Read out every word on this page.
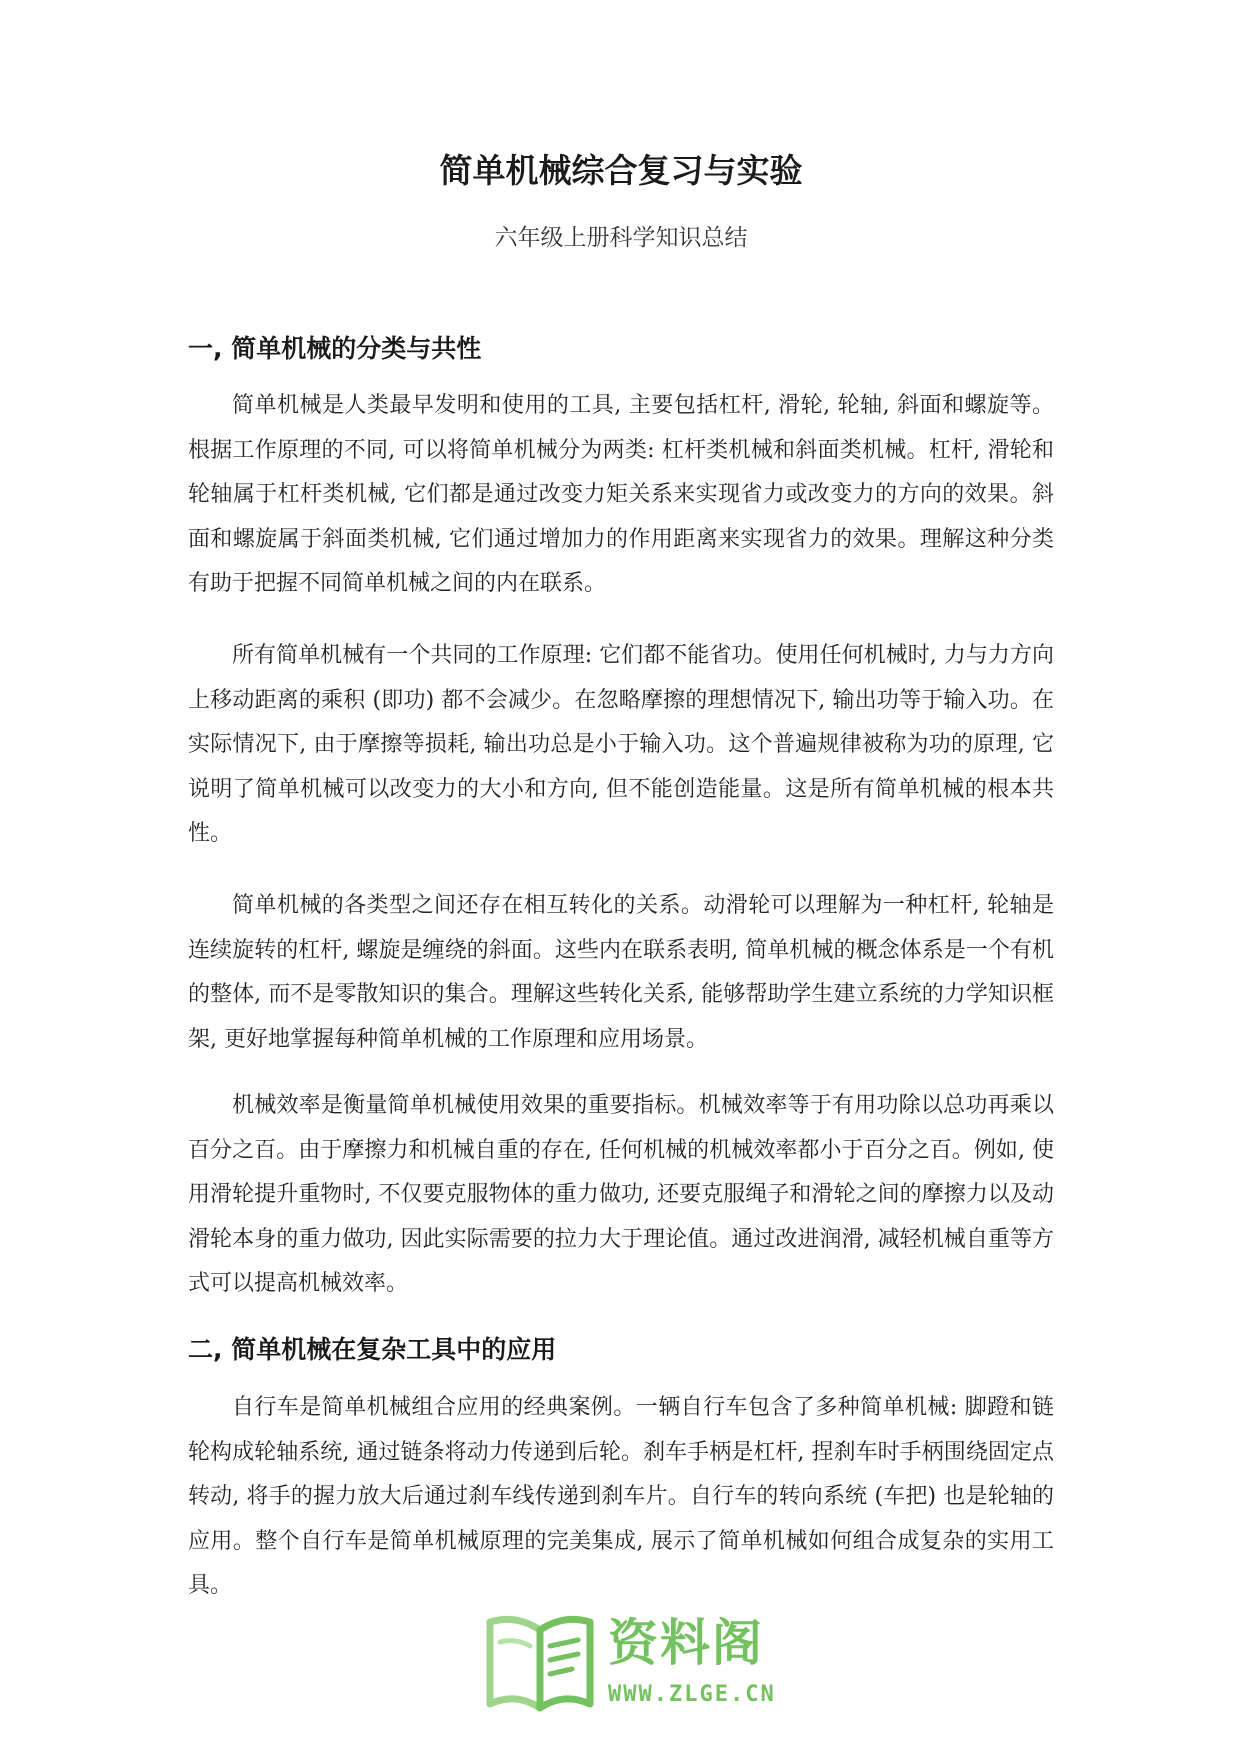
简单机械综合复习与实验
六年级上册科学知识总结
一, 简单机械的分类与共性

简单机械是人类最早发明和使用的工具, 主要包括杠杆, 滑轮, 轮轴, 斜面和螺旋等。根据工作原理的不同, 可以将简单机械分为两类: 杠杆类机械和斜面类机械。杠杆, 滑轮和轮轴属于杠杆类机械, 它们都是通过改变力矩关系来实现省力或改变力的方向的效果。斜面和螺旋属于斜面类机械, 它们通过增加力的作用距离来实现省力的效果。理解这种分类有助于把握不同简单机械之间的内在联系。

所有简单机械有一个共同的工作原理: 它们都不能省功。使用任何机械时, 力与力方向上移动距离的乘积 (即功) 都不会减少。在忽略摩擦的理想情况下, 输出功等于输入功。在实际情况下, 由于摩擦等损耗, 输出功总是小于输入功。这个普遍规律被称为功的原理, 它说明了简单机械可以改变力的大小和方向, 但不能创造能量。这是所有简单机械的根本共性。

简单机械的各类型之间还存在相互转化的关系。动滑轮可以理解为一种杠杆, 轮轴是连续旋转的杠杆, 螺旋是缠绕的斜面。这些内在联系表明, 简单机械的概念体系是一个有机的整体, 而不是零散知识的集合。理解这些转化关系, 能够帮助学生建立系统的力学知识框架, 更好地掌握每种简单机械的工作原理和应用场景。

机械效率是衡量简单机械使用效果的重要指标。机械效率等于有用功除以总功再乘以百分之百。由于摩擦力和机械自重的存在, 任何机械的机械效率都小于百分之百。例如, 使用滑轮提升重物时, 不仅要克服物体的重力做功, 还要克服绳子和滑轮之间的摩擦力以及动滑轮本身的重力做功, 因此实际需要的拉力大于理论值。通过改进润滑, 减轻机械自重等方式可以提高机械效率。

二, 简单机械在复杂工具中的应用

自行车是简单机械组合应用的经典案例。一辆自行车包含了多种简单机械: 脚蹬和链轮构成轮轴系统, 通过链条将动力传递到后轮。刹车手柄是杠杆, 捏刹车时手柄围绕固定点转动, 将手的握力放大后通过刹车线传递到刹车片。自行车的转向系统 (车把) 也是轮轴的应用。整个自行车是简单机械原理的完美集成, 展示了简单机械如何组合成复杂的实用工具。

资料阁
WWW.ZLGE.CN
